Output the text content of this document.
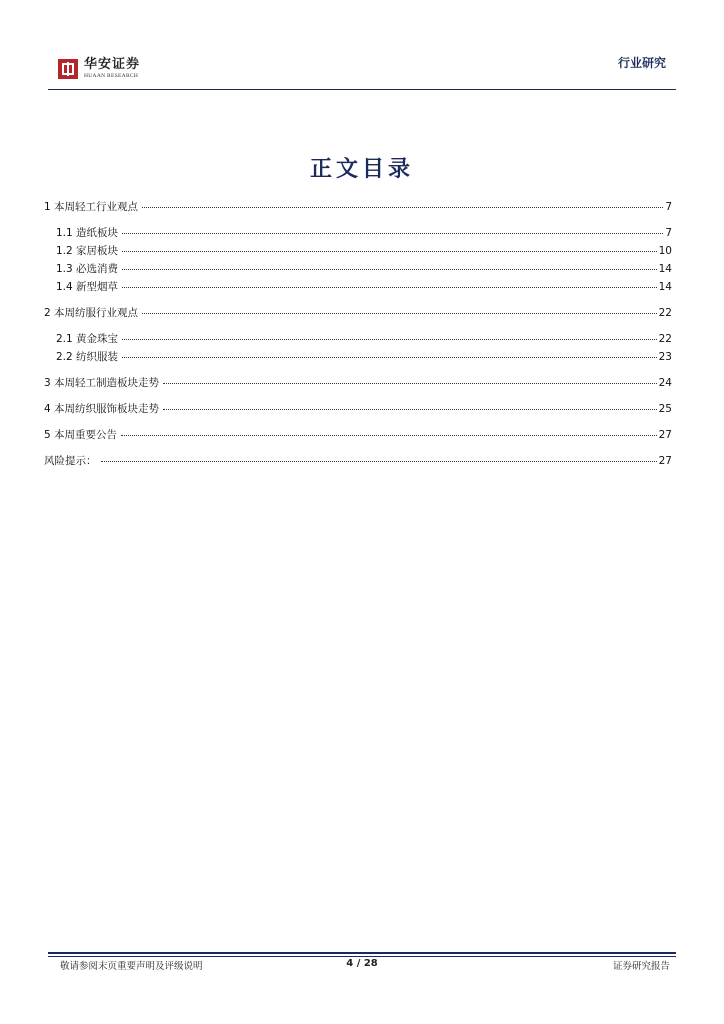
华安证券
HUAAN RESEARCH
行业研究
正文目录
1 本周轻工行业观点	7
1.1 造纸板块	7
1.2 家居板块	10
1.3 必选消费	14
1.4 新型烟草	14
2 本周纺服行业观点	22
2.1 黄金珠宝	22
2.2 纺织服装	23
3 本周轻工制造板块走势	24
4 本周纺织服饰板块走势	25
5 本周重要公告	27
风险提示：	27
敬请参阅末页重要声明及评级说明	4 / 28	证券研究报告
